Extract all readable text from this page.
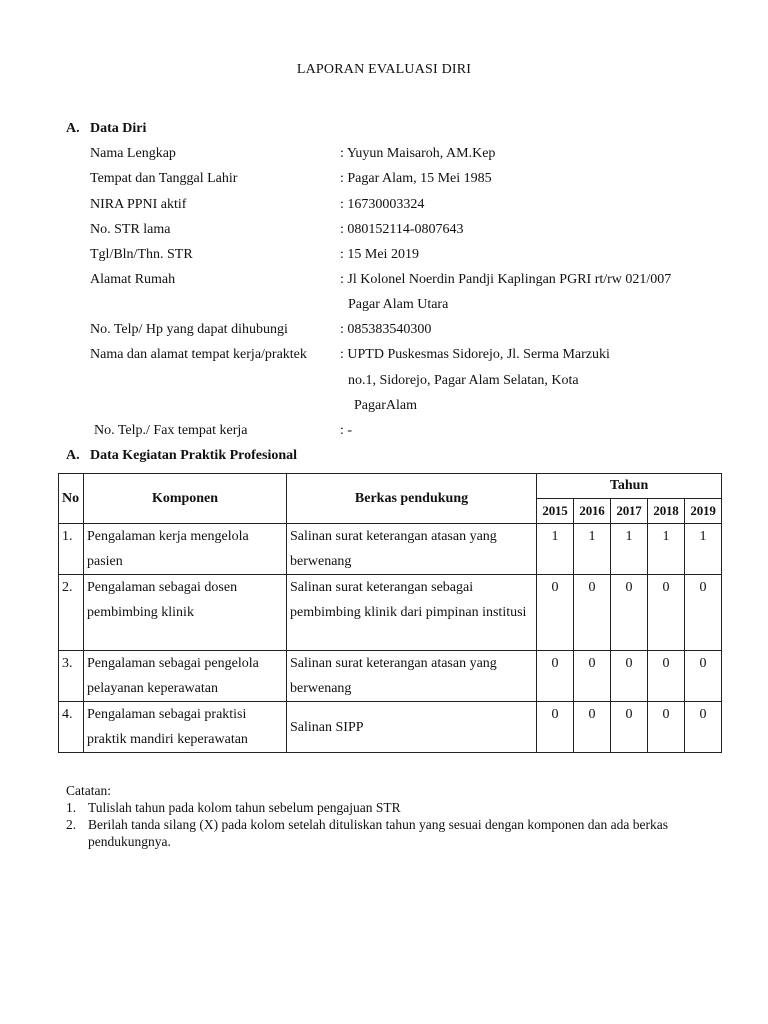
LAPORAN EVALUASI DIRI
A. Data Diri
Nama Lengkap	: Yuyun Maisaroh, AM.Kep
Tempat dan Tanggal Lahir	: Pagar Alam, 15 Mei 1985
NIRA PPNI aktif	: 16730003324
No. STR lama	: 080152114-0807643
Tgl/Bln/Thn. STR	: 15 Mei 2019
Alamat Rumah	: Jl Kolonel Noerdin Pandji Kaplingan PGRI rt/rw 021/007
Pagar Alam Utara
No. Telp/ Hp yang dapat dihubungi	: 085383540300
Nama dan alamat tempat kerja/praktek : UPTD Puskesmas Sidorejo, Jl. Serma Marzuki
no.1, Sidorejo, Pagar Alam Selatan, Kota
PagarAlam
No. Telp./ Fax tempat kerja	: -
A. Data Kegiatan Praktik Profesional
No	Komponen	Berkas pendukung	Tahun				
			2015	2016	2017	2018	2019
1.	Pengalaman kerja mengelola pasien	Salinan surat keterangan atasan yang berwenang	1	1	1	1	1
2.	Pengalaman sebagai dosen pembimbing klinik	Salinan surat keterangan sebagai pembimbing klinik dari pimpinan institusi	0	0	0	0	0
3.	Pengalaman sebagai pengelola pelayanan keperawatan	Salinan surat keterangan atasan yang berwenang	0	0	0	0	0
4.	Pengalaman sebagai praktisi praktik mandiri keperawatan	Salinan SIPP	0	0	0	0	0
Catatan:
1. Tulislah tahun pada kolom tahun sebelum pengajuan STR
2. Berilah tanda silang (X) pada kolom setelah dituliskan tahun yang sesuai dengan komponen dan ada berkas pendukungnya.
